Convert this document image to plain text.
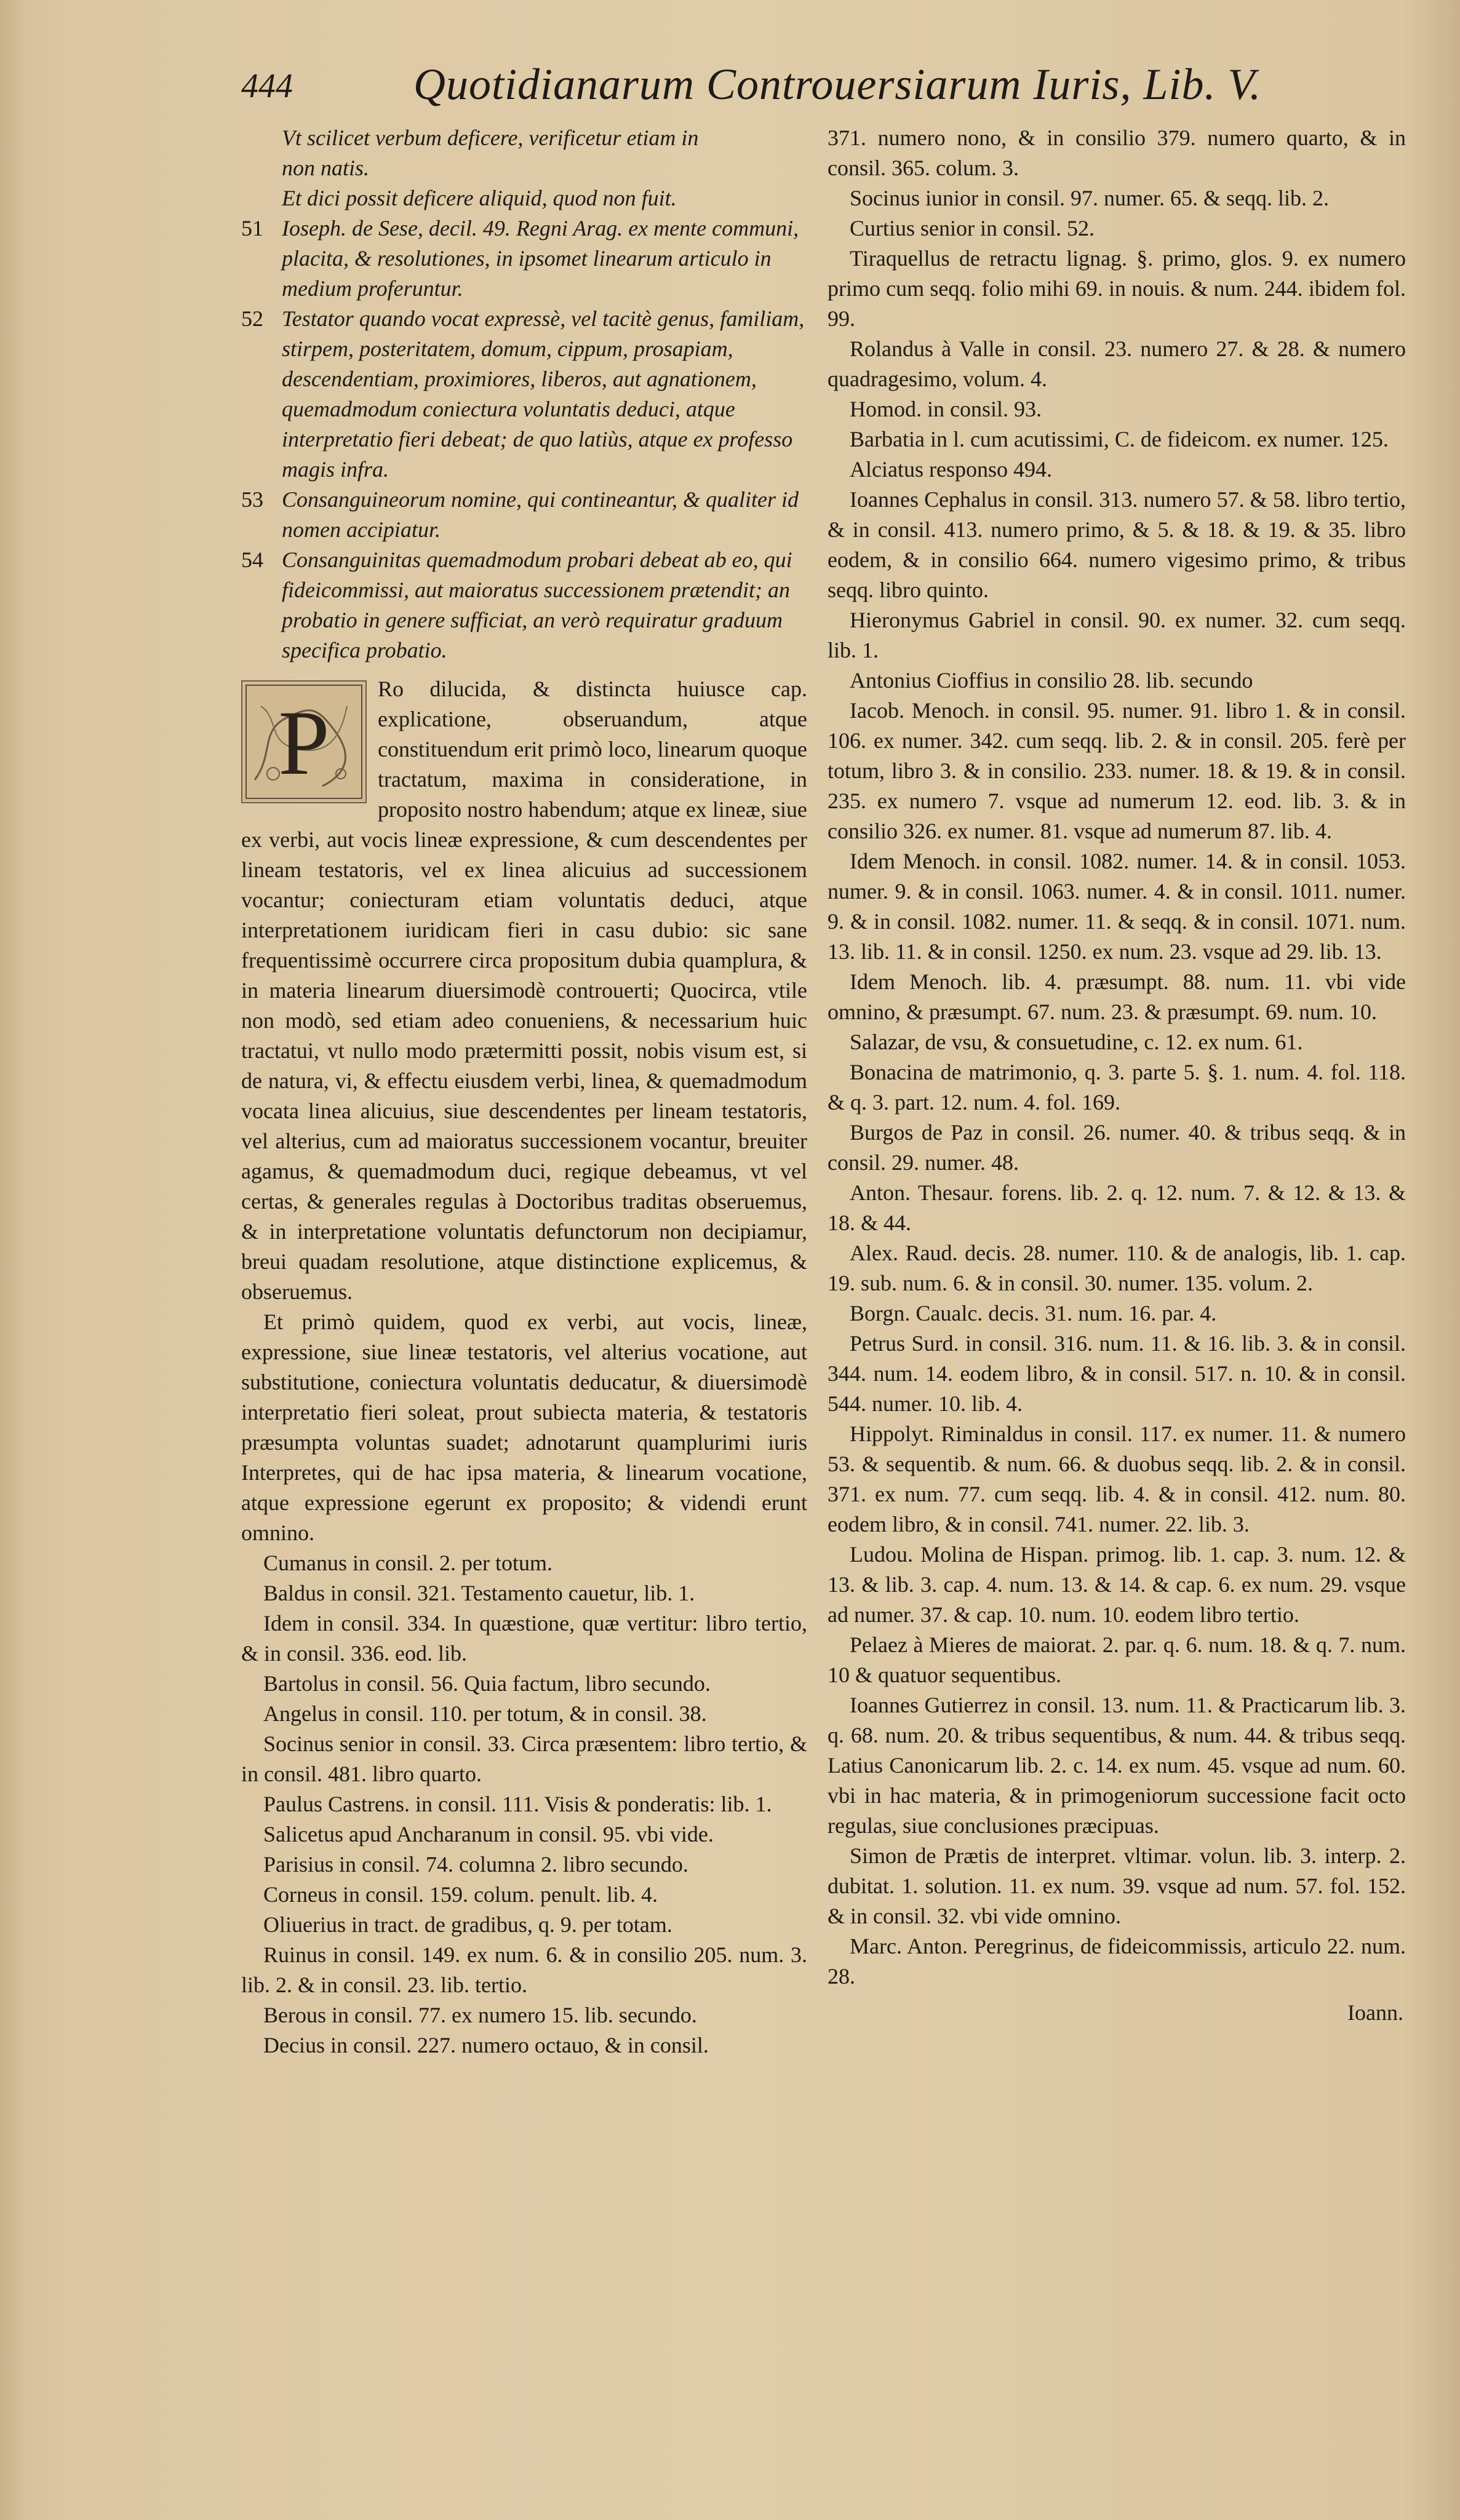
444	Quotidianarum Controuersiarum Iuris, Lib. V.
Vt scilicet verbum deficere, verificetur etiam in
non natis.
Et dici possit deficere aliquid, quod non fuit.
51 Ioseph. de Sese, decil. 49. Regni Arag. ex mente communi, placita, & resolutiones, in ipsomet linearum articulo in medium proferuntur.
52 Testator quando vocat expressè, vel tacitè genus, familiam, stirpem, posteritatem, domum, cippum, prosapiam, descendentiam, proximiores, liberos, aut agnationem, quemadmodum coniectura voluntatis deduci, atque interpretatio fieri debeat; de quo latiùs, atque ex professo magis infra.
53 Consanguineorum nomine, qui contineantur, & qualiter id nomen accipiatur.
54 Consanguinitas quemadmodum probari debeat ab eo, qui fideicommissi, aut maioratus successionem prætendit; an probatio in genere sufficiat, an verò requiratur graduum specifica probatio.
P
Ro dilucida, & distincta huiusce cap. explicatione, obseruandum, atque constituendum erit primò loco, linearum quoque tractatum, maxima in consideratione, in proposito nostro habendum; atque ex lineæ, siue ex verbi, aut vocis lineæ expressione, & cum descendentes per lineam testatoris, vel ex linea alicuius ad successionem vocantur; coniecturam etiam voluntatis deduci, atque interpretationem iuridicam fieri in casu dubio: sic sane frequentissimè occurrere circa propositum dubia quamplura, & in materia linearum diuersimodè controuerti; Quocirca, vtile non modò, sed etiam adeo conueniens, & necessarium huic tractatui, vt nullo modo prætermitti possit, nobis visum est, si de natura, vi, & effectu eiusdem verbi, linea, & quemadmodum vocata linea alicuius, siue descendentes per lineam testatoris, vel alterius, cum ad maioratus successionem vocantur, breuiter agamus, & quemadmodum duci, regique debeamus, vt vel certas, & generales regulas à Doctoribus traditas obseruemus, & in interpretatione voluntatis defunctorum non decipiamur, breui quadam resolutione, atque distinctione explicemus, & obseruemus.
Et primò quidem, quod ex verbi, aut vocis, lineæ, expressione, siue lineæ testatoris, vel alterius vocatione, aut substitutione, coniectura voluntatis deducatur, & diuersimodè interpretatio fieri soleat, prout subiecta materia, & testatoris præsumpta voluntas suadet; adnotarunt quamplurimi iuris Interpretes, qui de hac ipsa materia, & linearum vocatione, atque expressione egerunt ex proposito; & videndi erunt omnino.
Cumanus in consil. 2. per totum.
Baldus in consil. 321. Testamento cauetur, lib. 1.
Idem in consil. 334. In quæstione, quæ vertitur: libro tertio, & in consil. 336. eod. lib.
Bartolus in consil. 56. Quia factum, libro secundo.
Angelus in consil. 110. per totum, & in consil. 38.
Socinus senior in consil. 33. Circa præsentem: libro tertio, & in consil. 481. libro quarto.
Paulus Castrens. in consil. 111. Visis & ponderatis: lib. 1.
Salicetus apud Ancharanum in consil. 95. vbi vide.
Parisius in consil. 74. columna 2. libro secundo.
Corneus in consil. 159. colum. penult. lib. 4.
Oliuerius in tract. de gradibus, q. 9. per totam.
Ruinus in consil. 149. ex num. 6. & in consilio 205. num. 3. lib. 2. & in consil. 23. lib. tertio.
Berous in consil. 77. ex numero 15. lib. secundo.
Decius in consil. 227. numero octauo, & in consil.
371. numero nono, & in consilio 379. numero quarto, & in consil. 365. colum. 3.
Socinus iunior in consil. 97. numer. 65. & seqq. lib. 2.
Curtius senior in consil. 52.
Tiraquellus de retractu lignag. §. primo, glos. 9. ex numero primo cum seqq. folio mihi 69. in nouis. & num. 244. ibidem fol. 99.
Rolandus à Valle in consil. 23. numero 27. & 28. & numero quadragesimo, volum. 4.
Homod. in consil. 93.
Barbatia in l. cum acutissimi, C. de fideicom. ex numer. 125.
Alciatus responso 494.
Ioannes Cephalus in consil. 313. numero 57. & 58. libro tertio, & in consil. 413. numero primo, & 5. & 18. & 19. & 35. libro eodem, & in consilio 664. numero vigesimo primo, & tribus seqq. libro quinto.
Hieronymus Gabriel in consil. 90. ex numer. 32. cum seqq. lib. 1.
Antonius Cioffius in consilio 28. lib. secundo
Iacob. Menoch. in consil. 95. numer. 91. libro 1. & in consil. 106. ex numer. 342. cum seqq. lib. 2. & in consil. 205. ferè per totum, libro 3. & in consilio. 233. numer. 18. & 19. & in consil. 235. ex numero 7. vsque ad numerum 12. eod. lib. 3. & in consilio 326. ex numer. 81. vsque ad numerum 87. lib. 4.
Idem Menoch. in consil. 1082. numer. 14. & in consil. 1053. numer. 9. & in consil. 1063. numer. 4. & in consil. 1011. numer. 9. & in consil. 1082. numer. 11. & seqq. & in consil. 1071. num. 13. lib. 11. & in consil. 1250. ex num. 23. vsque ad 29. lib. 13.
Idem Menoch. lib. 4. præsumpt. 88. num. 11. vbi vide omnino, & præsumpt. 67. num. 23. & præsumpt. 69. num. 10.
Salazar, de vsu, & consuetudine, c. 12. ex num. 61.
Bonacina de matrimonio, q. 3. parte 5. §. 1. num. 4. fol. 118. & q. 3. part. 12. num. 4. fol. 169.
Burgos de Paz in consil. 26. numer. 40. & tribus seqq. & in consil. 29. numer. 48.
Anton. Thesaur. forens. lib. 2. q. 12. num. 7. & 12. & 13. & 18. & 44.
Alex. Raud. decis. 28. numer. 110. & de analogis, lib. 1. cap. 19. sub. num. 6. & in consil. 30. numer. 135. volum. 2.
Borgn. Caualc. decis. 31. num. 16. par. 4.
Petrus Surd. in consil. 316. num. 11. & 16. lib. 3. & in consil. 344. num. 14. eodem libro, & in consil. 517. n. 10. & in consil. 544. numer. 10. lib. 4.
Hippolyt. Riminaldus in consil. 117. ex numer. 11. & numero 53. & sequentib. & num. 66. & duobus seqq. lib. 2. & in consil. 371. ex num. 77. cum seqq. lib. 4. & in consil. 412. num. 80. eodem libro, & in consil. 741. numer. 22. lib. 3.
Ludou. Molina de Hispan. primog. lib. 1. cap. 3. num. 12. & 13. & lib. 3. cap. 4. num. 13. & 14. & cap. 6. ex num. 29. vsque ad numer. 37. & cap. 10. num. 10. eodem libro tertio.
Pelaez à Mieres de maiorat. 2. par. q. 6. num. 18. & q. 7. num. 10 & quatuor sequentibus.
Ioannes Gutierrez in consil. 13. num. 11. & Practicarum lib. 3. q. 68. num. 20. & tribus sequentibus, & num. 44. & tribus seqq. Latius Canonicarum lib. 2. c. 14. ex num. 45. vsque ad num. 60. vbi in hac materia, & in primogeniorum successione facit octo regulas, siue conclusiones præcipuas.
Simon de Prætis de interpret. vltimar. volun. lib. 3. interp. 2. dubitat. 1. solution. 11. ex num. 39. vsque ad num. 57. fol. 152. & in consil. 32. vbi vide omnino.
Marc. Anton. Peregrinus, de fideicommissis, articulo 22. num. 28.
Ioann.
